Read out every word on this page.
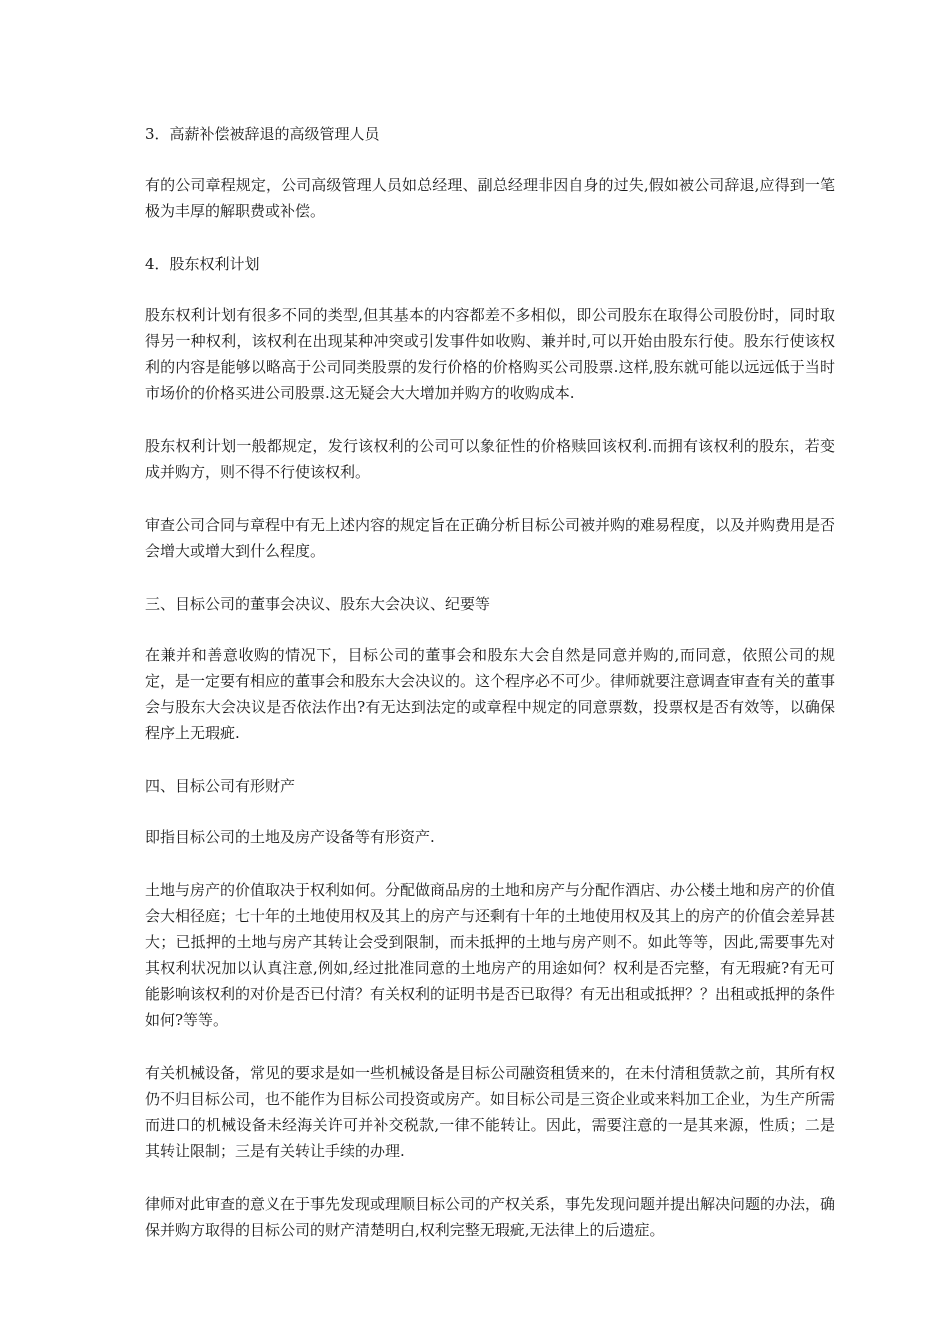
3．高薪补偿被辞退的高级管理人员

有的公司章程规定，公司高级管理人员如总经理、副总经理非因自身的过失,假如被公司辞退,应得到一笔极为丰厚的解职费或补偿。

4．股东权利计划

股东权利计划有很多不同的类型,但其基本的内容都差不多相似，即公司股东在取得公司股份时，同时取得另一种权利，该权利在出现某种冲突或引发事件如收购、兼并时,可以开始由股东行使。股东行使该权利的内容是能够以略高于公司同类股票的发行价格的价格购买公司股票.这样,股东就可能以远远低于当时市场价的价格买进公司股票.这无疑会大大增加并购方的收购成本.

股东权利计划一般都规定，发行该权利的公司可以象征性的价格赎回该权利.而拥有该权利的股东，若变成并购方，则不得不行使该权利。

审查公司合同与章程中有无上述内容的规定旨在正确分析目标公司被并购的难易程度，以及并购费用是否会增大或增大到什么程度。

三、目标公司的董事会决议、股东大会决议、纪要等

在兼并和善意收购的情况下，目标公司的董事会和股东大会自然是同意并购的,而同意，依照公司的规定，是一定要有相应的董事会和股东大会决议的。这个程序必不可少。律师就要注意调查审查有关的董事会与股东大会决议是否依法作出?有无达到法定的或章程中规定的同意票数，投票权是否有效等，以确保程序上无瑕疵.

四、目标公司有形财产

即指目标公司的土地及房产设备等有形资产.

土地与房产的价值取决于权利如何。分配做商品房的土地和房产与分配作酒店、办公楼土地和房产的价值会大相径庭；七十年的土地使用权及其上的房产与还剩有十年的土地使用权及其上的房产的价值会差异甚大；已抵押的土地与房产其转让会受到限制，而未抵押的土地与房产则不。如此等等，因此,需要事先对其权利状况加以认真注意,例如,经过批准同意的土地房产的用途如何？权利是否完整，有无瑕疵?有无可能影响该权利的对价是否已付清？有关权利的证明书是否已取得？有无出租或抵押？？出租或抵押的条件如何?等等。

有关机械设备，常见的要求是如一些机械设备是目标公司融资租赁来的，在未付清租赁款之前，其所有权仍不归目标公司，也不能作为目标公司投资或房产。如目标公司是三资企业或来料加工企业，为生产所需而进口的机械设备未经海关许可并补交税款,一律不能转让。因此，需要注意的一是其来源，性质；二是其转让限制；三是有关转让手续的办理.

律师对此审查的意义在于事先发现或理顺目标公司的产权关系，事先发现问题并提出解决问题的办法，确保并购方取得的目标公司的财产清楚明白,权利完整无瑕疵,无法律上的后遗症。
